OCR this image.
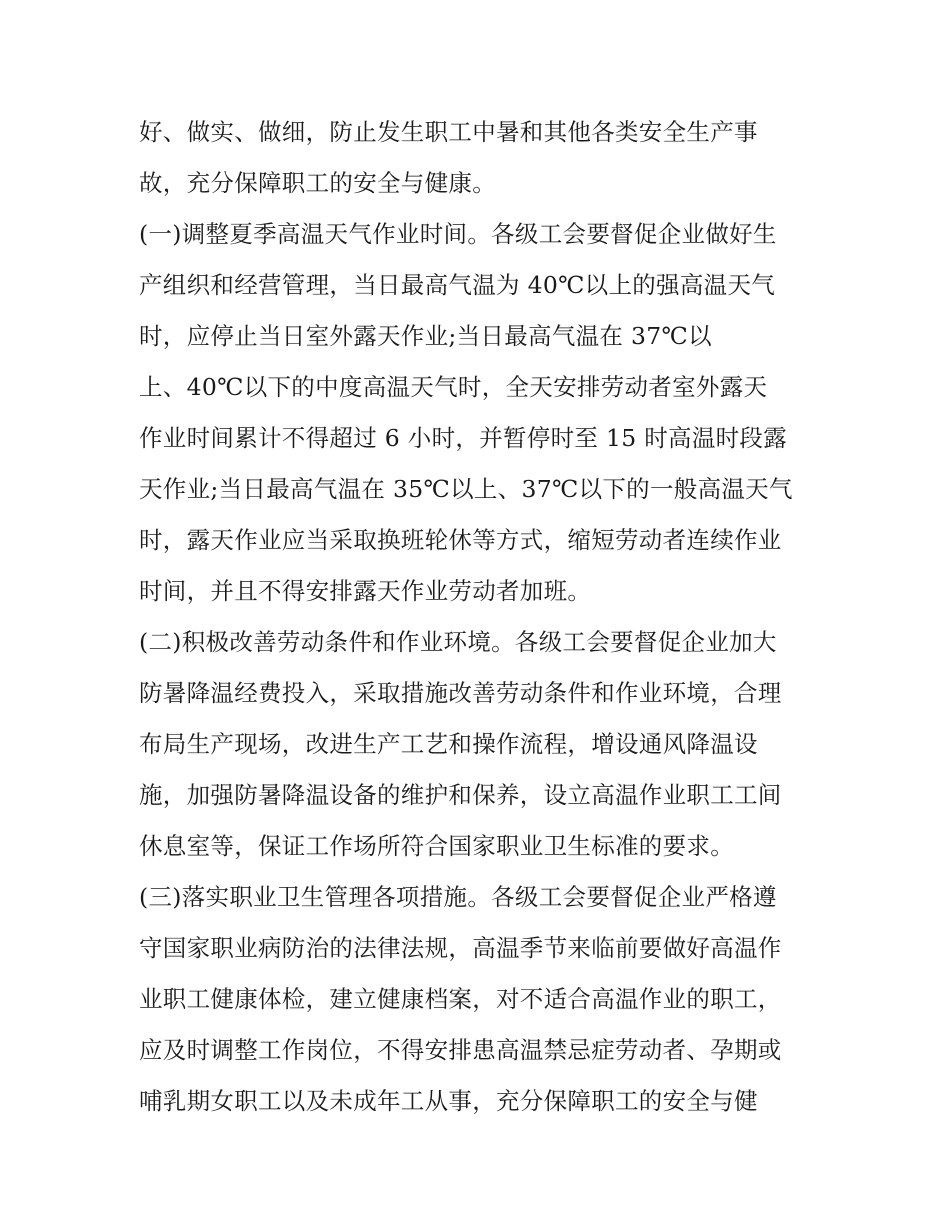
好、做实、做细，防止发生职工中暑和其他各类安全生产事
故，充分保障职工的安全与健康。
(一)调整夏季高温天气作业时间。各级工会要督促企业做好生
产组织和经营管理，当日最高气温为 40℃以上的强高温天气
时，应停止当日室外露天作业;当日最高气温在 37℃以
上、40℃以下的中度高温天气时，全天安排劳动者室外露天
作业时间累计不得超过 6 小时，并暂停时至 15 时高温时段露
天作业;当日最高气温在 35℃以上、37℃以下的一般高温天气
时，露天作业应当采取换班轮休等方式，缩短劳动者连续作业
时间，并且不得安排露天作业劳动者加班。
(二)积极改善劳动条件和作业环境。各级工会要督促企业加大
防暑降温经费投入，采取措施改善劳动条件和作业环境，合理
布局生产现场，改进生产工艺和操作流程，增设通风降温设
施，加强防暑降温设备的维护和保养，设立高温作业职工工间
休息室等，保证工作场所符合国家职业卫生标准的要求。
(三)落实职业卫生管理各项措施。各级工会要督促企业严格遵
守国家职业病防治的法律法规，高温季节来临前要做好高温作
业职工健康体检，建立健康档案，对不适合高温作业的职工，
应及时调整工作岗位，不得安排患高温禁忌症劳动者、孕期或
哺乳期女职工以及未成年工从事，充分保障职工的安全与健
